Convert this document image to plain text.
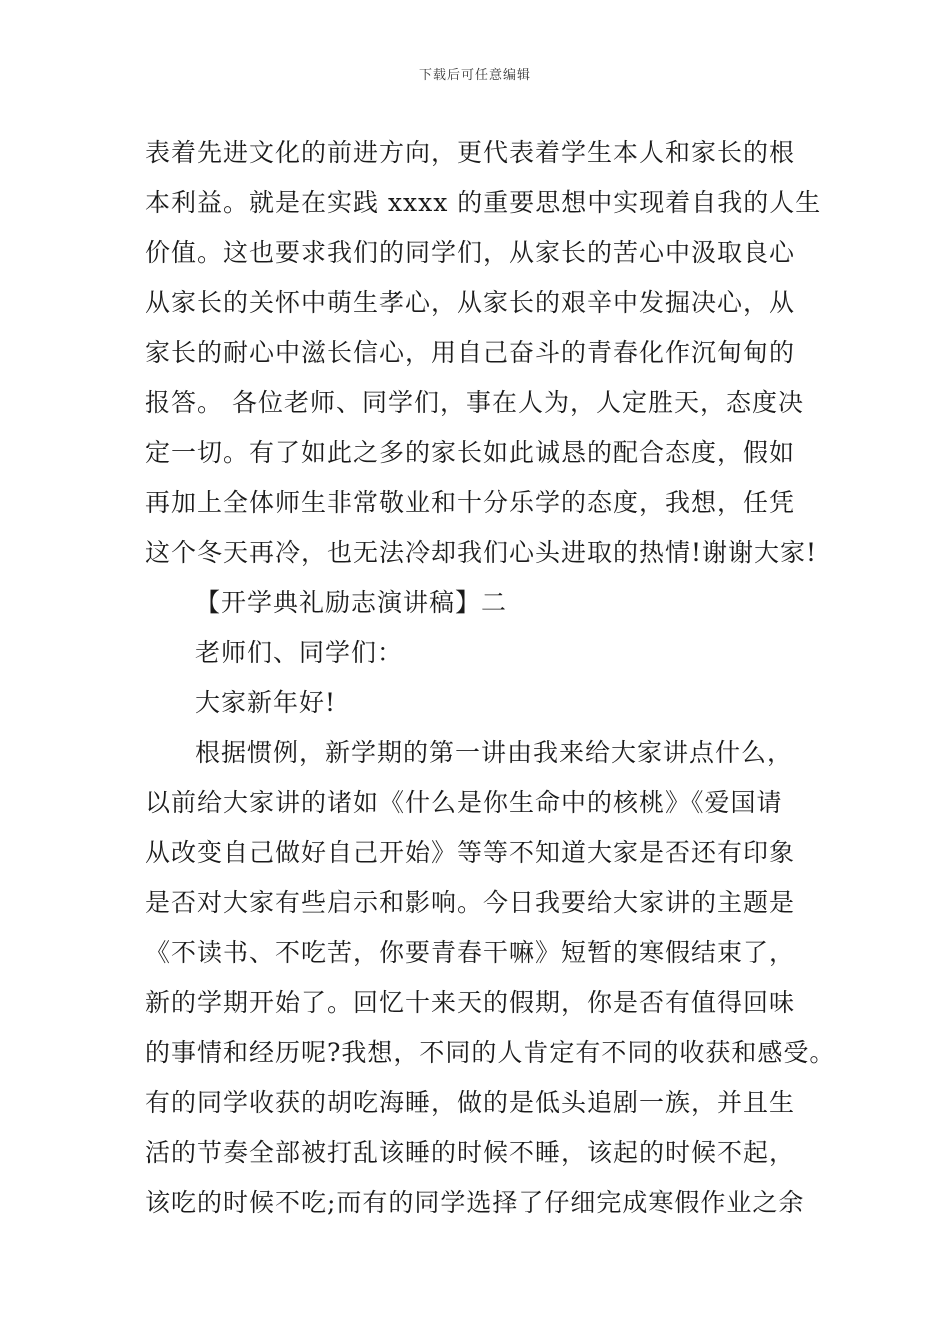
下载后可任意编辑
表着先进文化的前进方向，更代表着学生本人和家长的根
本利益。就是在实践 xxxx 的重要思想中实现着自我的人生
价值。这也要求我们的同学们，从家长的苦心中汲取良心
从家长的关怀中萌生孝心，从家长的艰辛中发掘决心，从
家长的耐心中滋长信心，用自己奋斗的青春化作沉甸甸的
报答。 各位老师、同学们，事在人为，人定胜天，态度决
定一切。有了如此之多的家长如此诚恳的配合态度，假如
再加上全体师生非常敬业和十分乐学的态度，我想，任凭
这个冬天再冷，也无法冷却我们心头进取的热情!谢谢大家!
【开学典礼励志演讲稿】二
老师们、同学们：
大家新年好!
根据惯例，新学期的第一讲由我来给大家讲点什么，
以前给大家讲的诸如《什么是你生命中的核桃》《爱国请
从改变自己做好自己开始》等等不知道大家是否还有印象
是否对大家有些启示和影响。今日我要给大家讲的主题是
《不读书、不吃苦，你要青春干嘛》短暂的寒假结束了，
新的学期开始了。回忆十来天的假期，你是否有值得回味
的事情和经历呢?我想，不同的人肯定有不同的收获和感受。
有的同学收获的胡吃海睡，做的是低头追剧一族，并且生
活的节奏全部被打乱该睡的时候不睡，该起的时候不起，
该吃的时候不吃;而有的同学选择了仔细完成寒假作业之余
